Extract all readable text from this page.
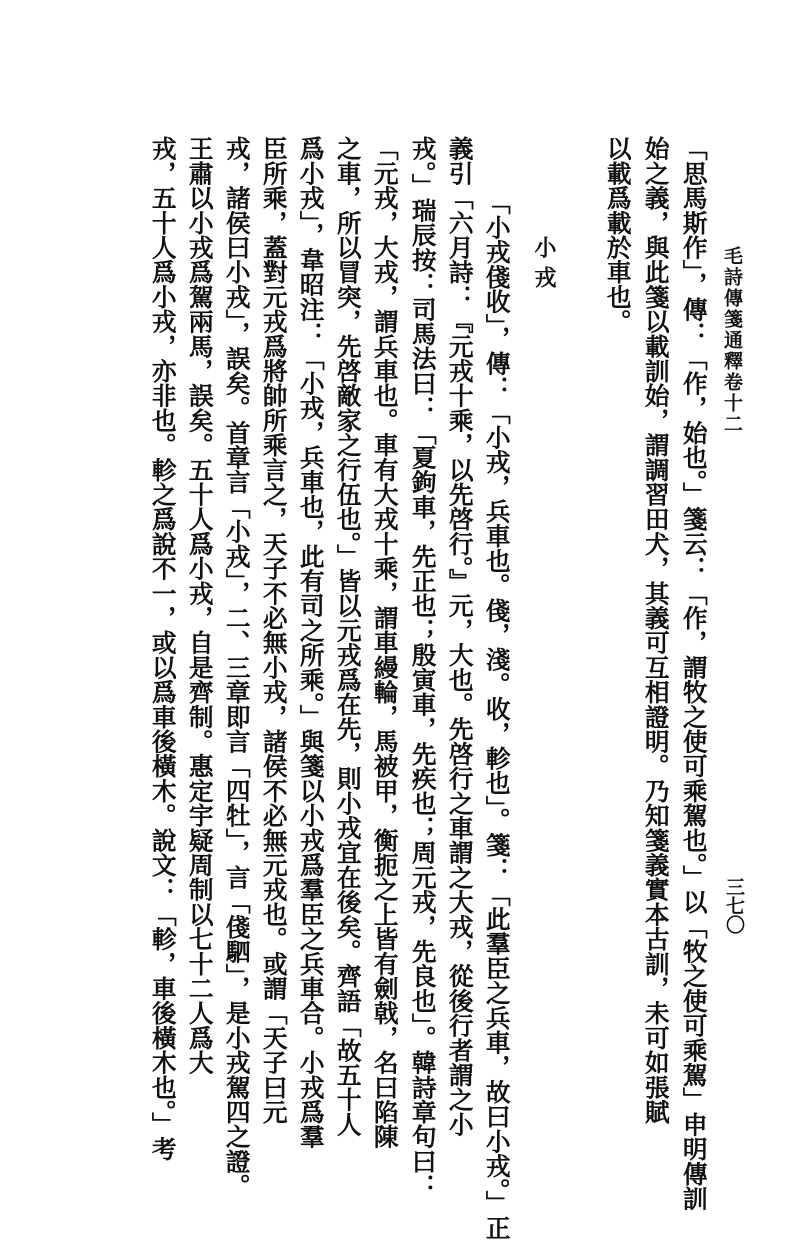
毛詩傳箋通釋卷十二
三七〇
「思馬斯作」，傳：「作，始也。」箋云：「作，謂牧之使可乘駕也。」以「牧之使可乘駕」申明傳訓
始之義，與此箋以載訓始，謂調習田犬，其義可互相證明。乃知箋義實本古訓，未可如張賦
以載爲載於車也。
小戎
「小戎俴收」，傳：「小戎，兵車也。俴，淺。收，軫也」。箋：「此羣臣之兵車，故曰小戎。」正
義引「六月詩：『元戎十乘，以先啓行。』元，大也。先啓行之車謂之大戎，從後行者謂之小
戎。」瑞辰按：司馬法曰：「夏鉤車，先正也；殷寅車，先疾也；周元戎，先良也」。韓詩章句曰：
「元戎，大戎，謂兵車也。車有大戎十乘，謂車縵輪，馬被甲，衡扼之上皆有劍戟，名曰陷陳
之車，所以冒突，先啓敵家之行伍也。」皆以元戎爲在先，則小戎宜在後矣。齊語「故五十人
爲小戎」，韋昭注：「小戎，兵車也，此有司之所乘。」與箋以小戎爲羣臣之兵車合。小戎爲羣
臣所乘，蓋對元戎爲將帥所乘言之，天子不必無小戎，諸侯不必無元戎也。或謂「天子曰元
戎，諸侯曰小戎」，誤矣。首章言「小戎」，二、三章即言「四牡」，言「俴駟」，是小戎駕四之證。
王肅以小戎爲駕兩馬，誤矣。五十人爲小戎，自是齊制。惠定宇疑周制以七十二人爲大
戎，五十人爲小戎，亦非也。軫之爲說不一，或以爲車後橫木。說文：「軫，車後橫木也。」考
